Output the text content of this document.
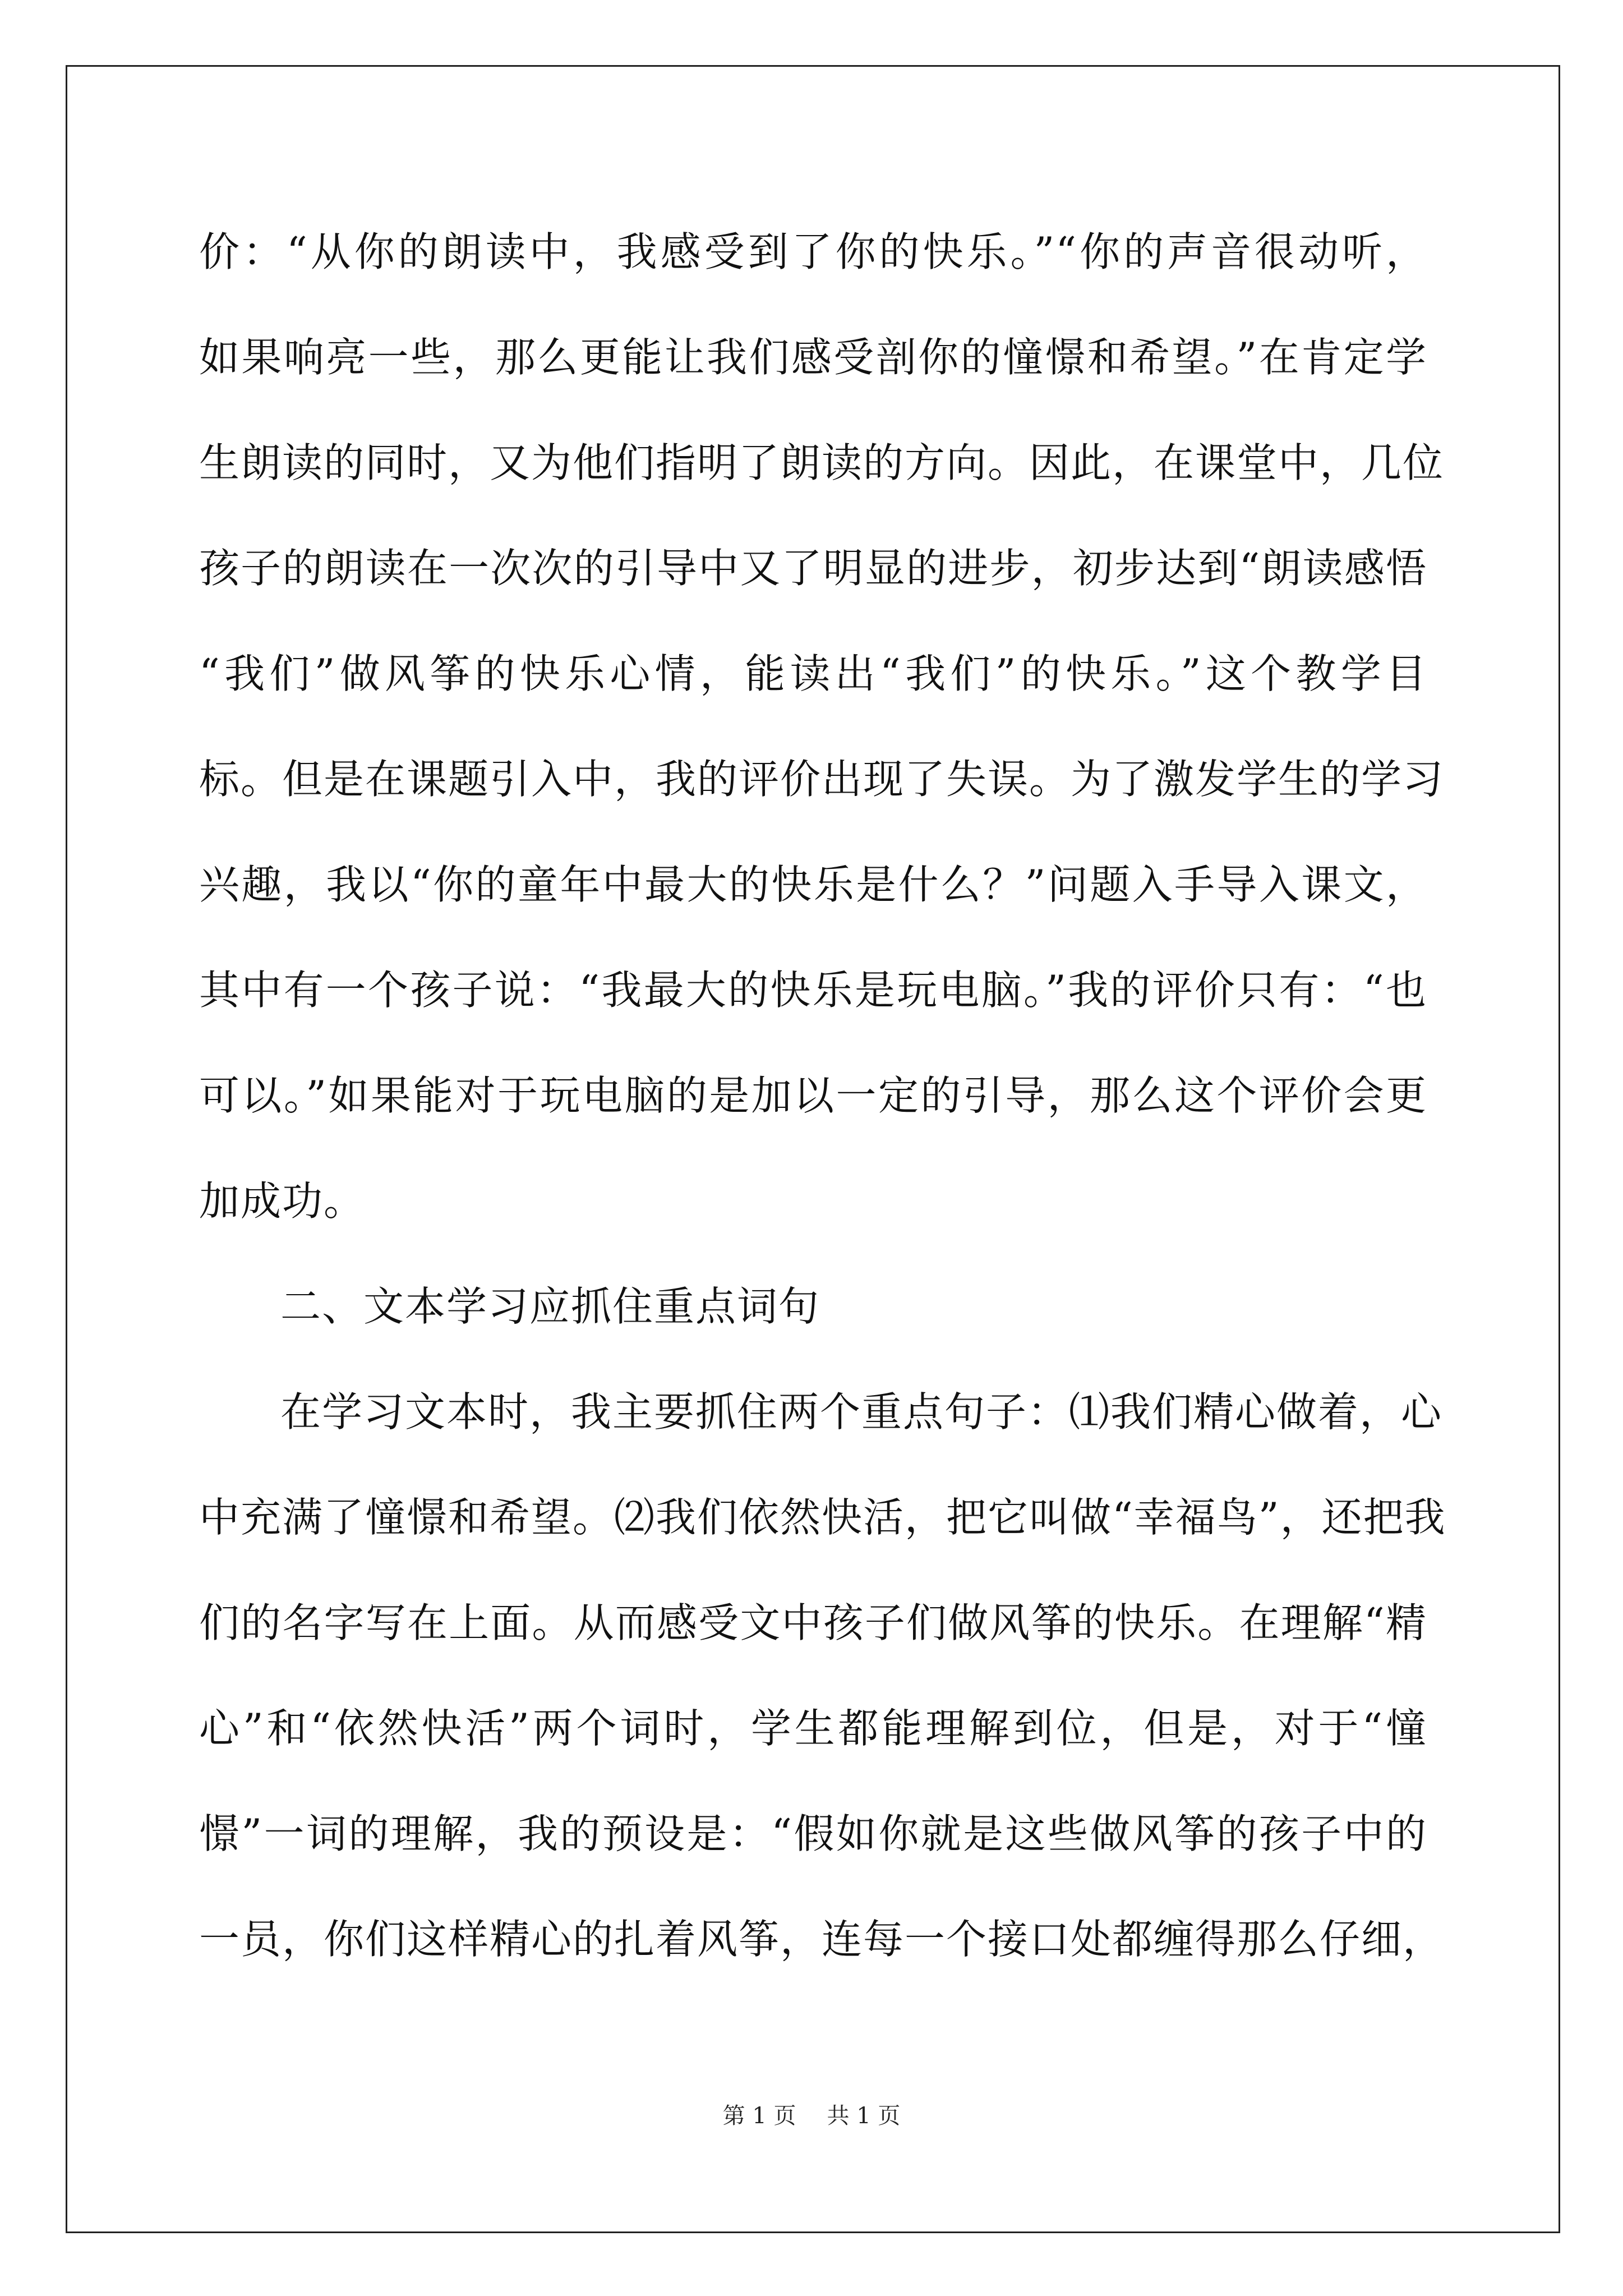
价：“从你的朗读中，我感受到了你的快乐。”“你的声音很动听，
如果响亮一些，那么更能让我们感受剖你的憧憬和希望。”在肯定学
生朗读的同时，又为他们指明了朗读的方向。因此，在课堂中，几位
孩子的朗读在一次次的引导中又了明显的进步，初步达到“朗读感悟
“我们”做风筝的快乐心情，能读出“我们”的快乐。”这个教学目
标。但是在课题引入中，我的评价出现了失误。为了激发学生的学习
兴趣，我以“你的童年中最大的快乐是什么？”问题入手导入课文，
其中有一个孩子说：“我最大的快乐是玩电脑。”我的评价只有：“也
可以。”如果能对于玩电脑的是加以一定的引导，那么这个评价会更
加成功。
二、文本学习应抓住重点词句
在学习文本时，我主要抓住两个重点句子：⑴我们精心做着，心
中充满了憧憬和希望。⑵我们依然快活，把它叫做“幸福鸟”，还把我
们的名字写在上面。从而感受文中孩子们做风筝的快乐。在理解“精
心”和“依然快活”两个词时，学生都能理解到位，但是，对于“憧
憬”一词的理解，我的预设是：“假如你就是这些做风筝的孩子中的
一员，你们这样精心的扎着风筝，连每一个接口处都缠得那么仔细，
第 1 页 共 1 页
